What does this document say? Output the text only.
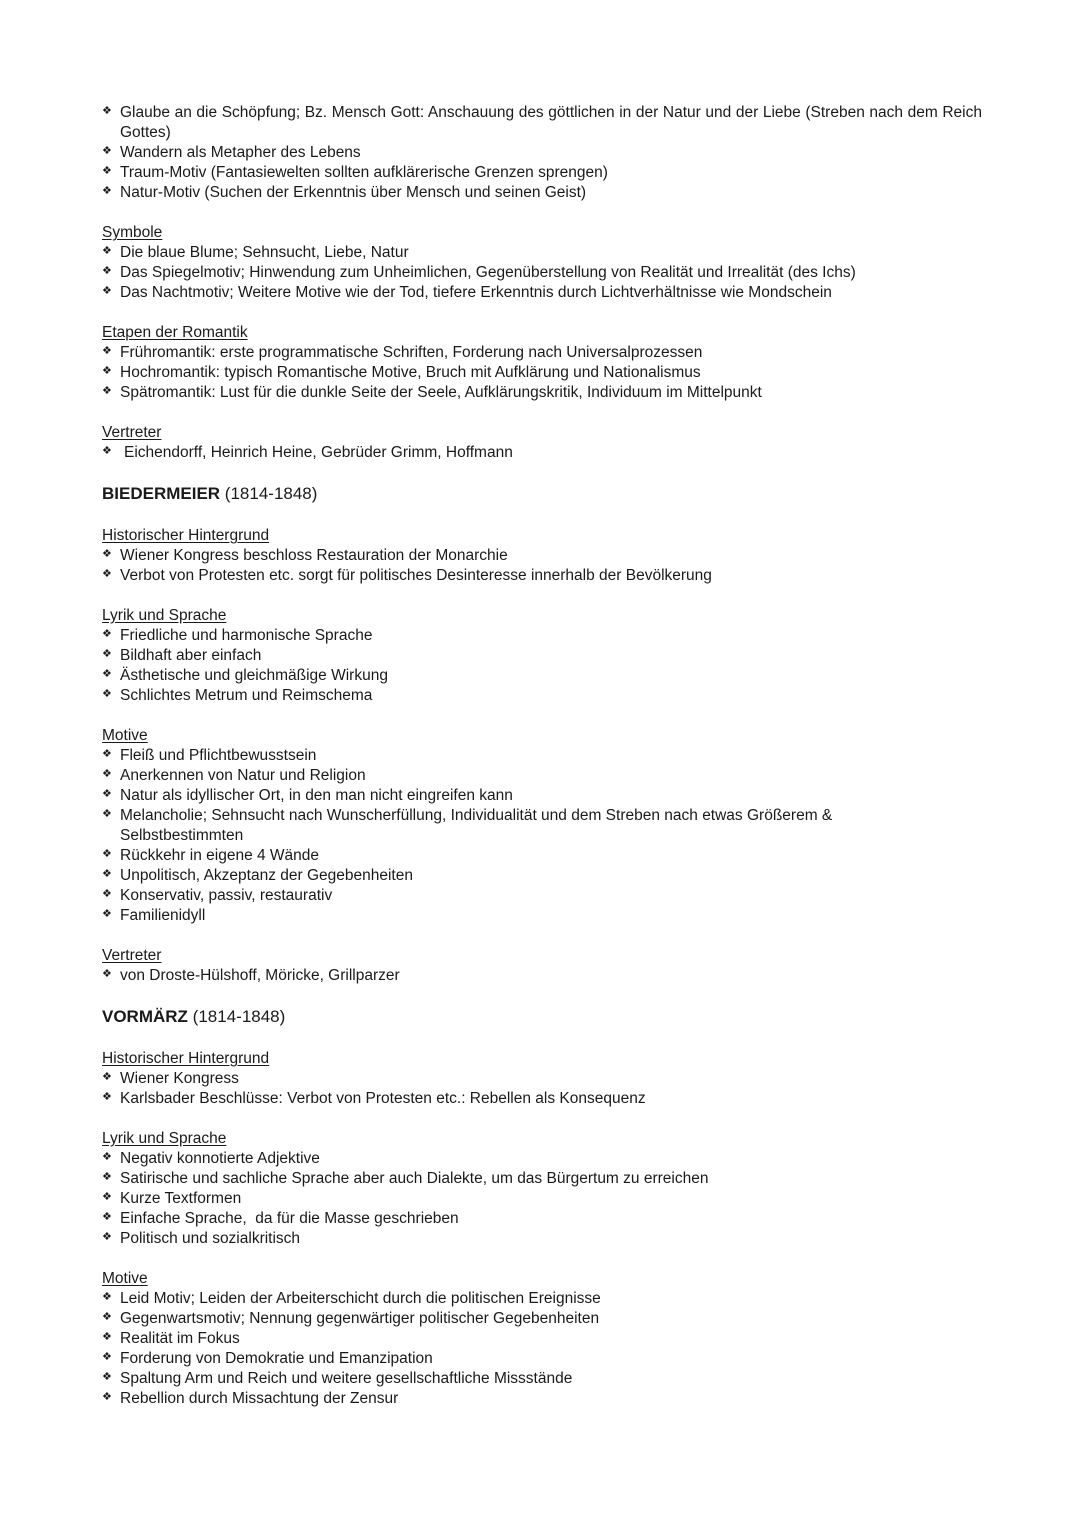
❖ Glaube an die Schöpfung; Bz. Mensch Gott: Anschauung des göttlichen in der Natur und der Liebe (Streben nach dem Reich Gottes)
❖ Wandern als Metapher des Lebens
❖ Traum-Motiv (Fantasiewelten sollten aufklärerische Grenzen sprengen)
❖ Natur-Motiv (Suchen der Erkenntnis über Mensch und seinen Geist)
Symbole
❖ Die blaue Blume; Sehnsucht, Liebe, Natur
❖ Das Spiegelmotiv; Hinwendung zum Unheimlichen, Gegenüberstellung von Realität und Irrealität (des Ichs)
❖ Das Nachtmotiv; Weitere Motive wie der Tod, tiefere Erkenntnis durch Lichtverhältnisse wie Mondschein
Etapen der Romantik
❖ Frühromantik: erste programmatische Schriften, Forderung nach Universalprozessen
❖ Hochromantik: typisch Romantische Motive, Bruch mit Aufklärung und Nationalismus
❖ Spätromantik: Lust für die dunkle Seite der Seele, Aufklärungskritik, Individuum im Mittelpunkt
Vertreter
❖ Eichendorff, Heinrich Heine, Gebrüder Grimm, Hoffmann
BIEDERMEIER (1814-1848)
Historischer Hintergrund
❖ Wiener Kongress beschloss Restauration der Monarchie
❖ Verbot von Protesten etc. sorgt für politisches Desinteresse innerhalb der Bevölkerung
Lyrik und Sprache
❖ Friedliche und harmonische Sprache
❖ Bildhaft aber einfach
❖ Ästhetische und gleichmäßige Wirkung
❖ Schlichtes Metrum und Reimschema
Motive
❖ Fleiß und Pflichtbewusstsein
❖ Anerkennen von Natur und Religion
❖ Natur als idyllischer Ort, in den man nicht eingreifen kann
❖ Melancholie; Sehnsucht nach Wunscherfüllung, Individualität und dem Streben nach etwas Größerem & Selbstbestimmten
❖ Rückkehr in eigene 4 Wände
❖ Unpolitisch, Akzeptanz der Gegebenheiten
❖ Konservativ, passiv, restaurativ
❖ Familienidyll
Vertreter
❖ von Droste-Hülshoff, Möricke, Grillparzer
VORMÄRZ (1814-1848)
Historischer Hintergrund
❖ Wiener Kongress
❖ Karlsbader Beschlüsse: Verbot von Protesten etc.: Rebellen als Konsequenz
Lyrik und Sprache
❖ Negativ konnotierte Adjektive
❖ Satirische und sachliche Sprache aber auch Dialekte, um das Bürgertum zu erreichen
❖ Kurze Textformen
❖ Einfache Sprache,  da für die Masse geschrieben
❖ Politisch und sozialkritisch
Motive
❖ Leid Motiv; Leiden der Arbeiterschicht durch die politischen Ereignisse
❖ Gegenwartsmotiv; Nennung gegenwärtiger politischer Gegebenheiten
❖ Realität im Fokus
❖ Forderung von Demokratie und Emanzipation
❖ Spaltung Arm und Reich und weitere gesellschaftliche Missstände
❖ Rebellion durch Missachtung der Zensur
